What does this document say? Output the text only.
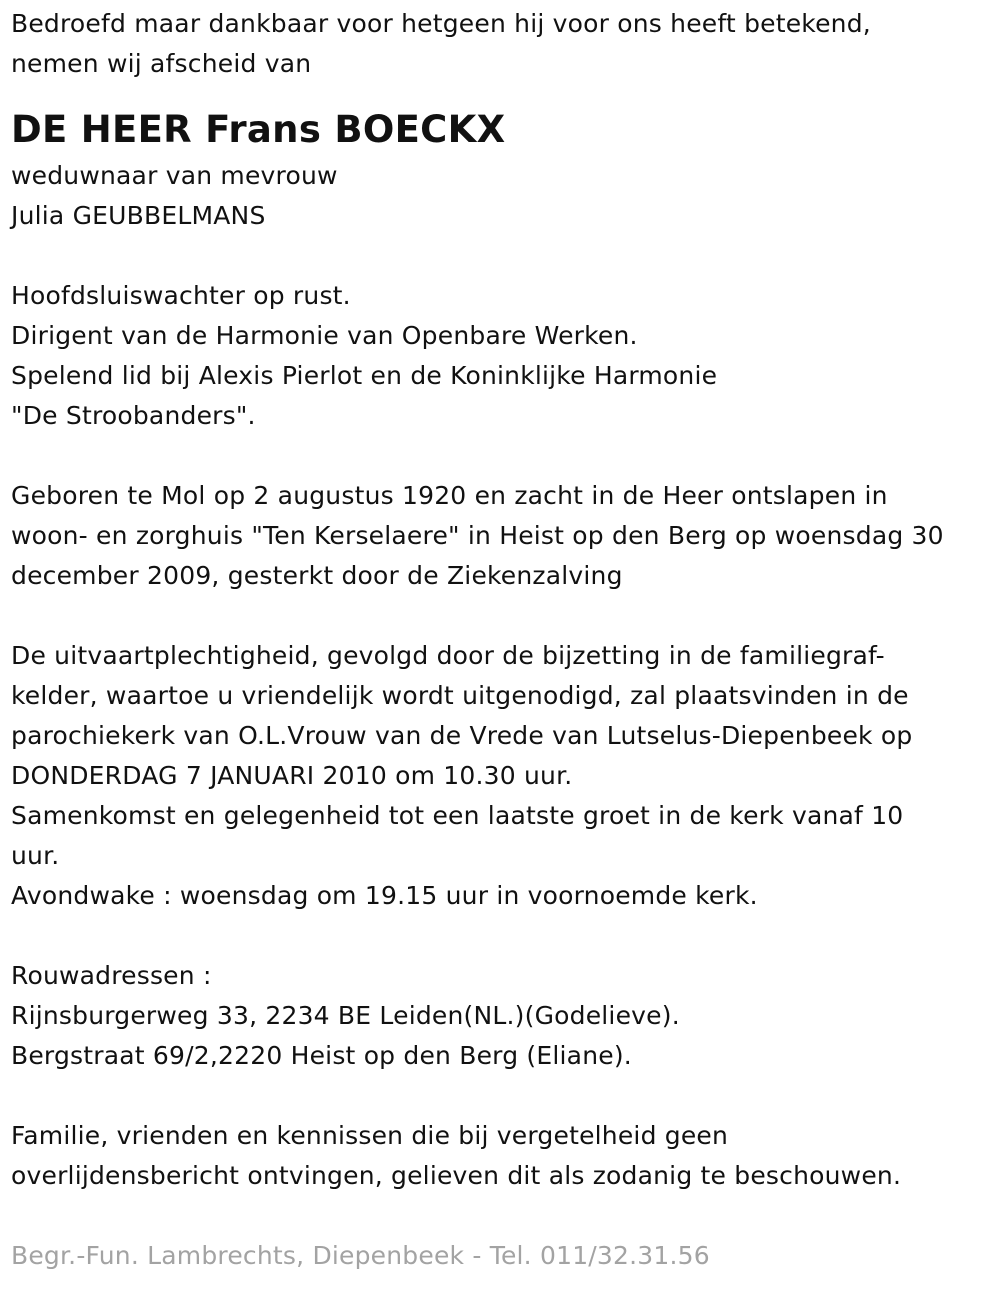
Bedroefd maar dankbaar voor hetgeen hij voor ons heeft betekend,
nemen wij afscheid van
DE HEER Frans BOECKX
weduwnaar van mevrouw
Julia GEUBBELMANS
Hoofdsluiswachter op rust.
Dirigent van de Harmonie van Openbare Werken.
Spelend lid bij Alexis Pierlot en de Koninklijke Harmonie
"De Stroobanders".
Geboren te Mol op 2 augustus 1920 en zacht in de Heer ontslapen in
woon- en zorghuis "Ten Kerselaere" in Heist op den Berg op woensdag 30
december 2009, gesterkt door de Ziekenzalving
De uitvaartplechtigheid, gevolgd door de bijzetting in de familiegraf-
kelder, waartoe u vriendelijk wordt uitgenodigd, zal plaatsvinden in de
parochiekerk van O.L.Vrouw van de Vrede van Lutselus-Diepenbeek op
DONDERDAG 7 JANUARI 2010 om 10.30 uur.
Samenkomst en gelegenheid tot een laatste groet in de kerk vanaf 10
uur.
Avondwake : woensdag om 19.15 uur in voornoemde kerk.
Rouwadressen :
Rijnsburgerweg 33, 2234 BE Leiden(NL.)(Godelieve).
Bergstraat 69/2,2220 Heist op den Berg (Eliane).
Familie, vrienden en kennissen die bij vergetelheid geen
overlijdensbericht ontvingen, gelieven dit als zodanig te beschouwen.
Begr.-Fun. Lambrechts, Diepenbeek - Tel. 011/32.31.56
